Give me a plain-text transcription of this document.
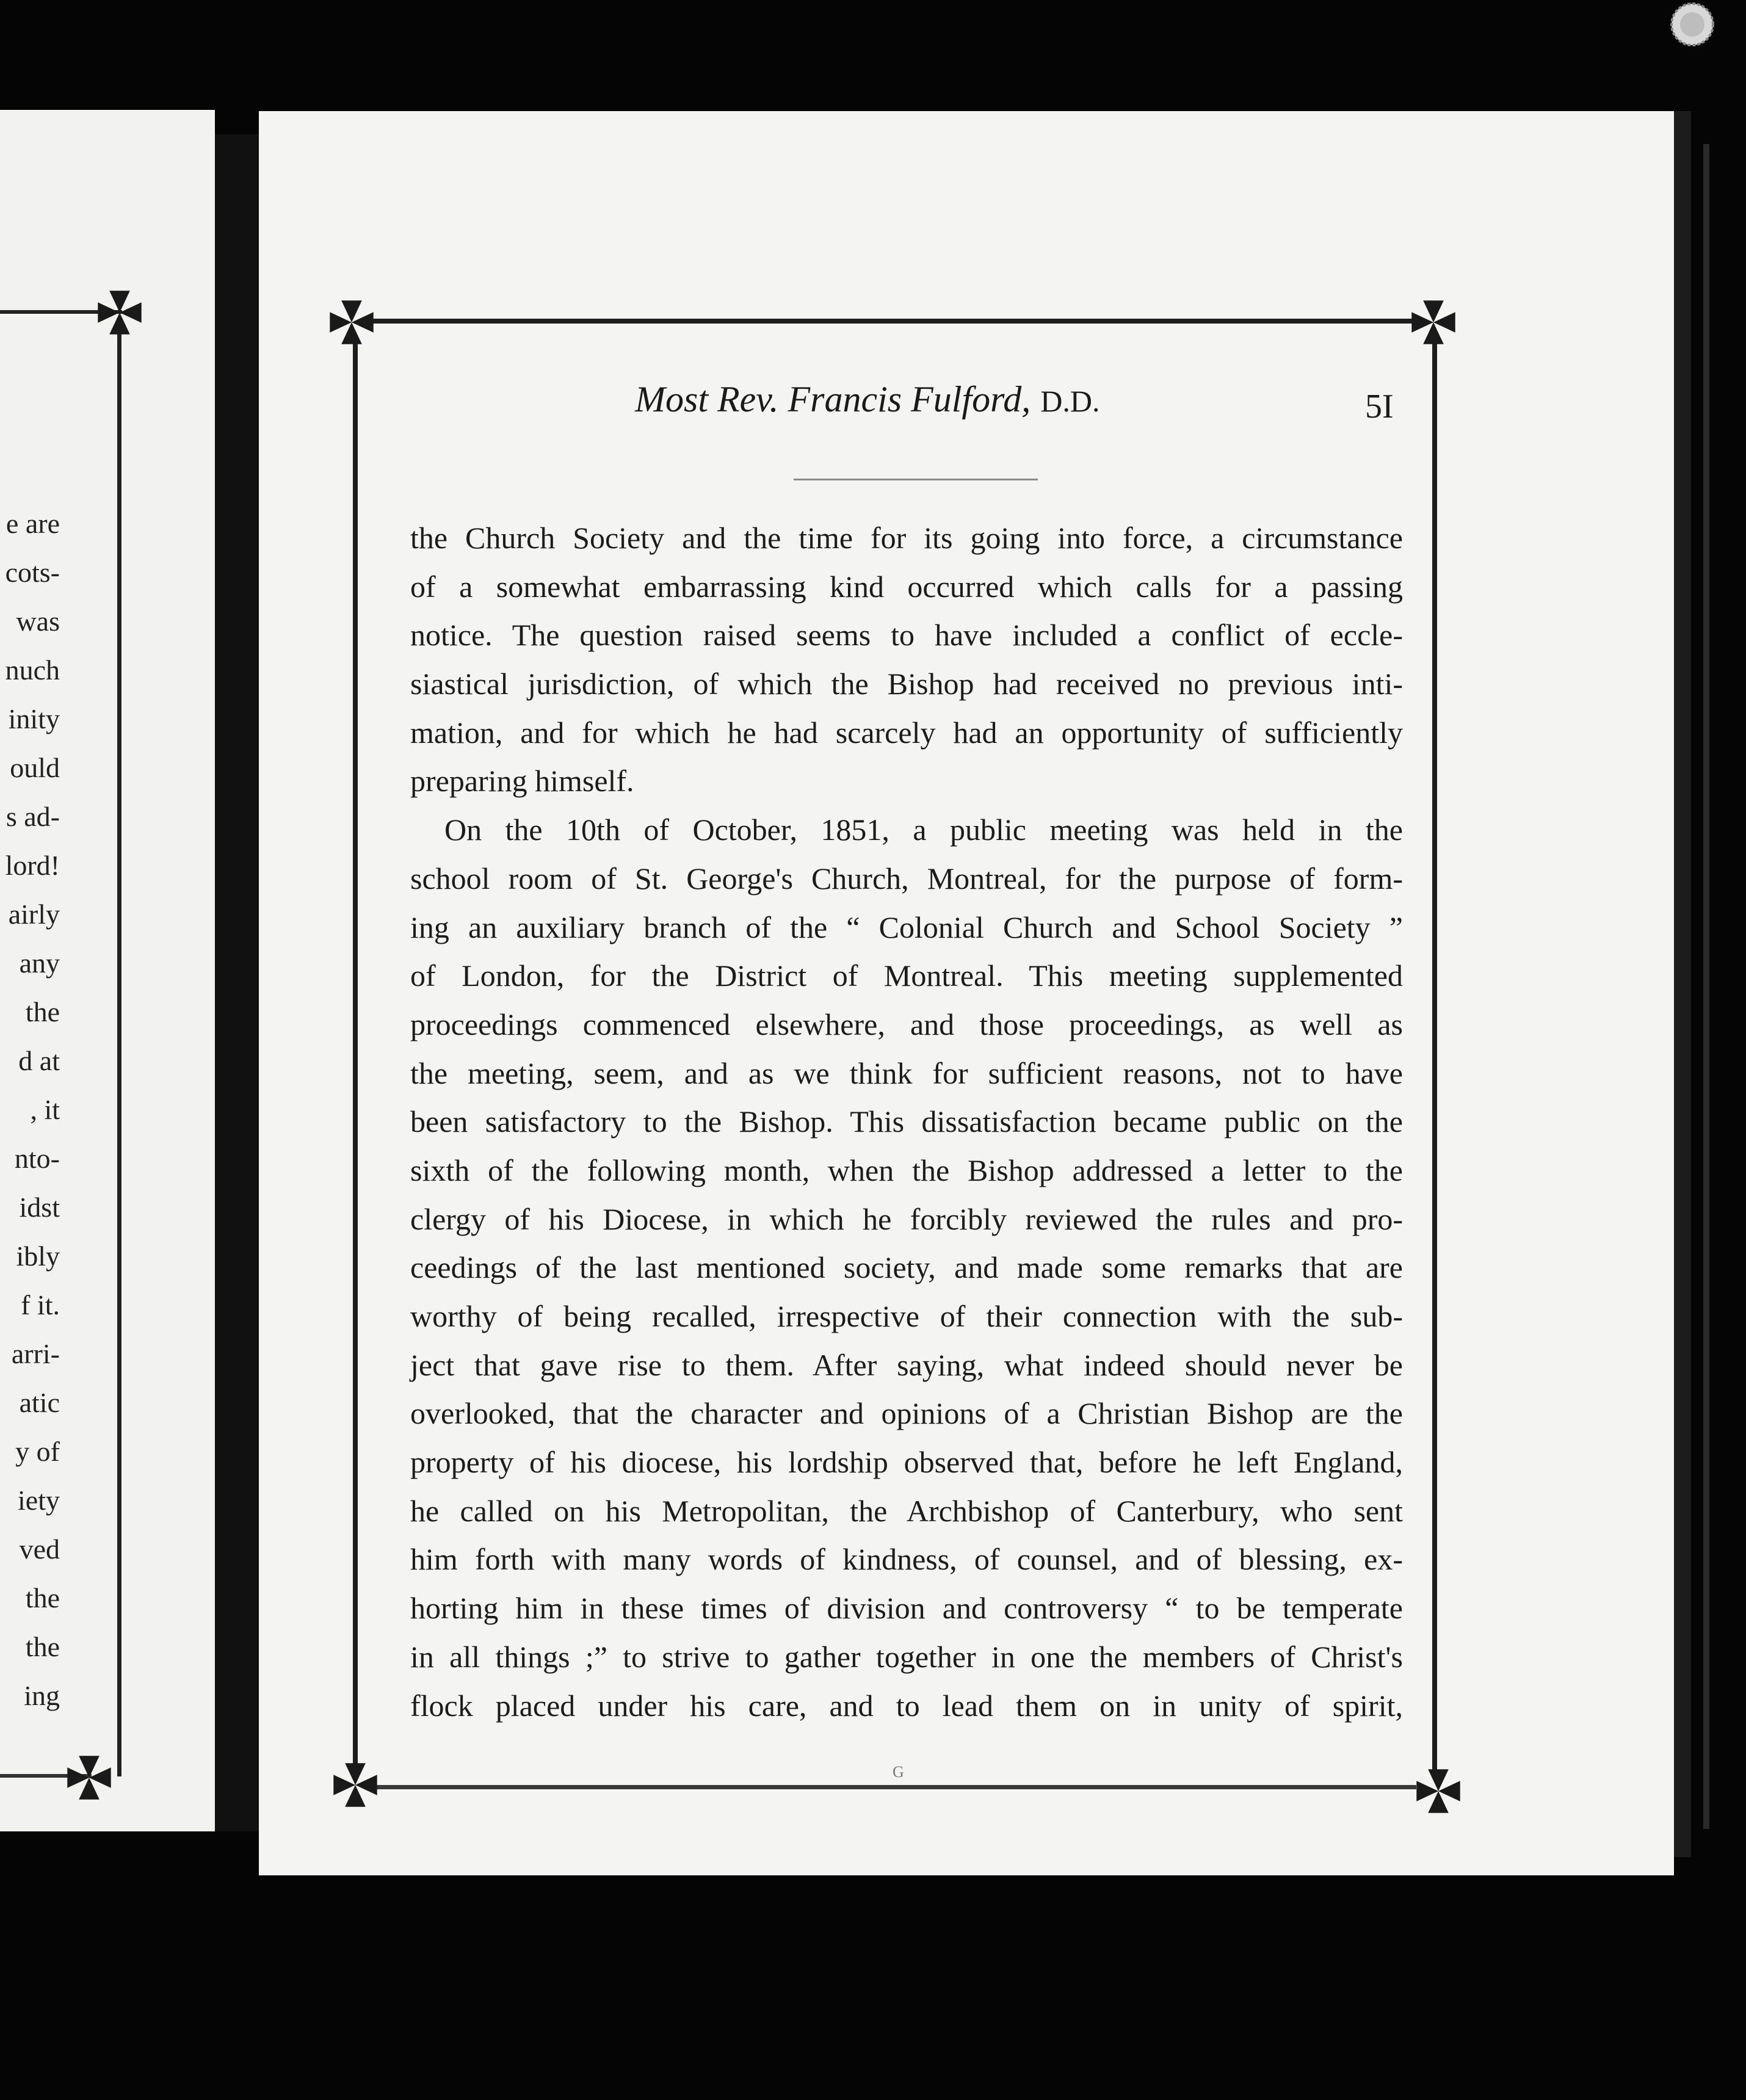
e are
cots-
was
nuch
inity
ould
s ad-
lord!
airly
any
the
d at
, it
nto-
idst
ibly
f it.
arri-
atic
y of
iety
ved
the
the
ing
Most Rev. Francis Fulford, D.D.	5I
the Church Society and the time for its going into force, a circumstance
of a somewhat embarrassing kind occurred which calls for a passing
notice. The question raised seems to have included a conflict of eccle-
siastical jurisdiction, of which the Bishop had received no previous inti-
mation, and for which he had scarcely had an opportunity of sufficiently
preparing himself.
On the 10th of October, 1851, a public meeting was held in the
school room of St. George's Church, Montreal, for the purpose of form-
ing an auxiliary branch of the “ Colonial Church and School Society ”
of London, for the District of Montreal. This meeting supplemented
proceedings commenced elsewhere, and those proceedings, as well as
the meeting, seem, and as we think for sufficient reasons, not to have
been satisfactory to the Bishop. This dissatisfaction became public on the
sixth of the following month, when the Bishop addressed a letter to the
clergy of his Diocese, in which he forcibly reviewed the rules and pro-
ceedings of the last mentioned society, and made some remarks that are
worthy of being recalled, irrespective of their connection with the sub-
ject that gave rise to them. After saying, what indeed should never be
overlooked, that the character and opinions of a Christian Bishop are the
property of his diocese, his lordship observed that, before he left England,
he called on his Metropolitan, the Archbishop of Canterbury, who sent
him forth with many words of kindness, of counsel, and of blessing, ex-
horting him in these times of division and controversy “ to be temperate
in all things ;” to strive to gather together in one the members of Christ's
flock placed under his care, and to lead them on in unity of spirit,
G
